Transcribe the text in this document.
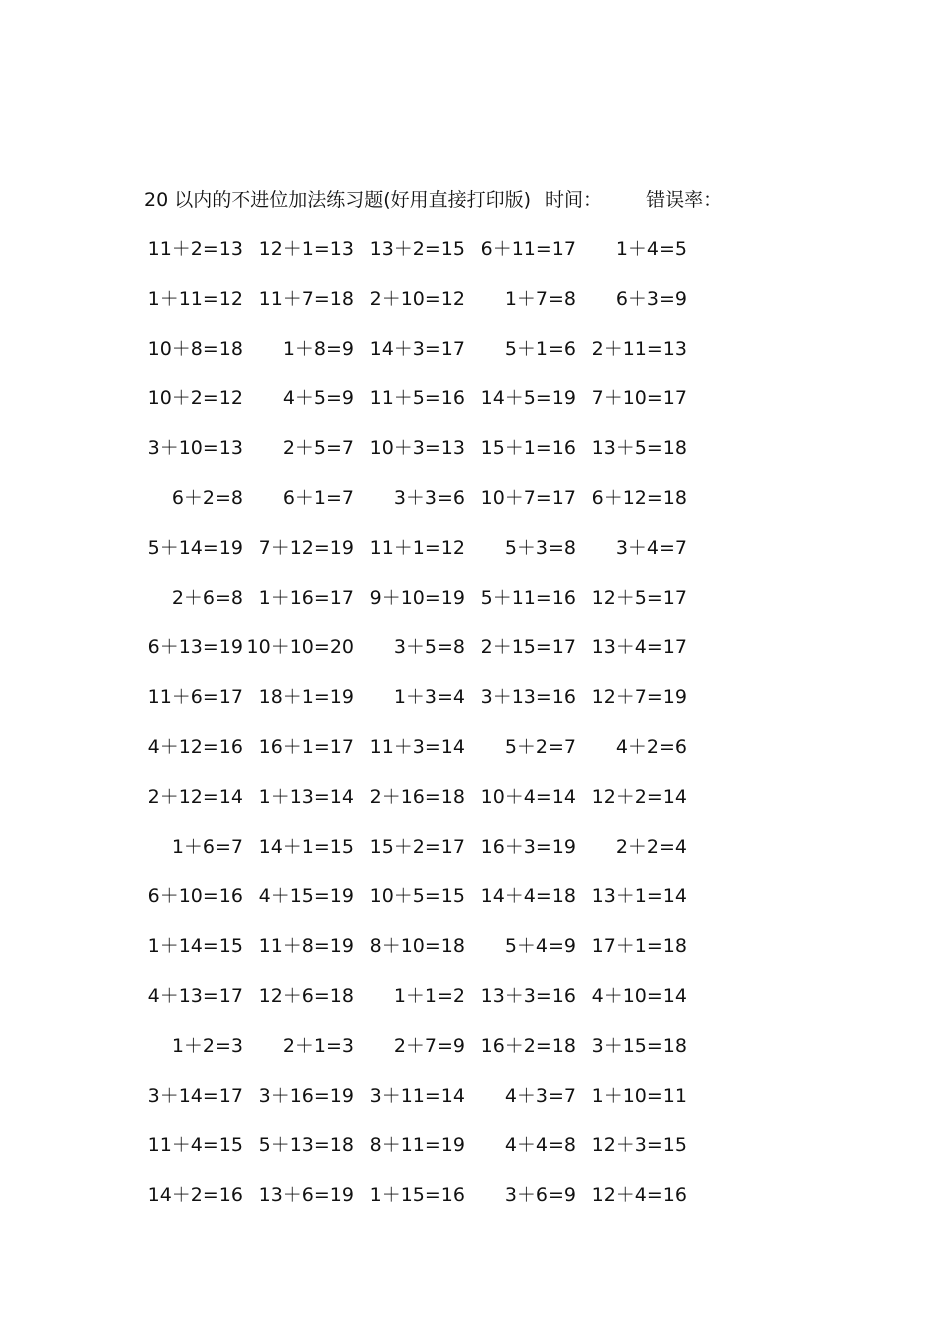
20 以内的不进位加法练习题(好用直接打印版) 时间： 错误率：
11＋2=13 12＋1=13 13＋2=15 6＋11=17	1＋4=5
1＋11=12 11＋7=18 2＋10=12	1＋7=8	6＋3=9
10＋8=18	1＋8=9 14＋3=17	5＋1=6 2＋11=13
10＋2=12	4＋5=9 11＋5=16 14＋5=19 7＋10=17
3＋10=13	2＋5=7 10＋3=13 15＋1=16 13＋5=18
6＋2=8	6＋1=7	3＋3=6 10＋7=17 6＋12=18
5＋14=19 7＋12=19 11＋1=12	5＋3=8	3＋4=7
2＋6=8 1＋16=17 9＋10=19 5＋11=16 12＋5=17
6＋13=19 10＋10=20	3＋5=8 2＋15=17 13＋4=17
11＋6=17 18＋1=19	1＋3=4 3＋13=16 12＋7=19
4＋12=16 16＋1=17 11＋3=14	5＋2=7	4＋2=6
2＋12=14 1＋13=14 2＋16=18 10＋4=14 12＋2=14
1＋6=7 14＋1=15 15＋2=17 16＋3=19	2＋2=4
6＋10=16 4＋15=19 10＋5=15 14＋4=18 13＋1=14
1＋14=15 11＋8=19 8＋10=18	5＋4=9 17＋1=18
4＋13=17 12＋6=18	1＋1=2 13＋3=16 4＋10=14
1＋2=3	2＋1=3	2＋7=9 16＋2=18 3＋15=18
3＋14=17 3＋16=19 3＋11=14	4＋3=7 1＋10=11
11＋4=15 5＋13=18 8＋11=19	4＋4=8 12＋3=15
14＋2=16 13＋6=19 1＋15=16	3＋6=9 12＋4=16
